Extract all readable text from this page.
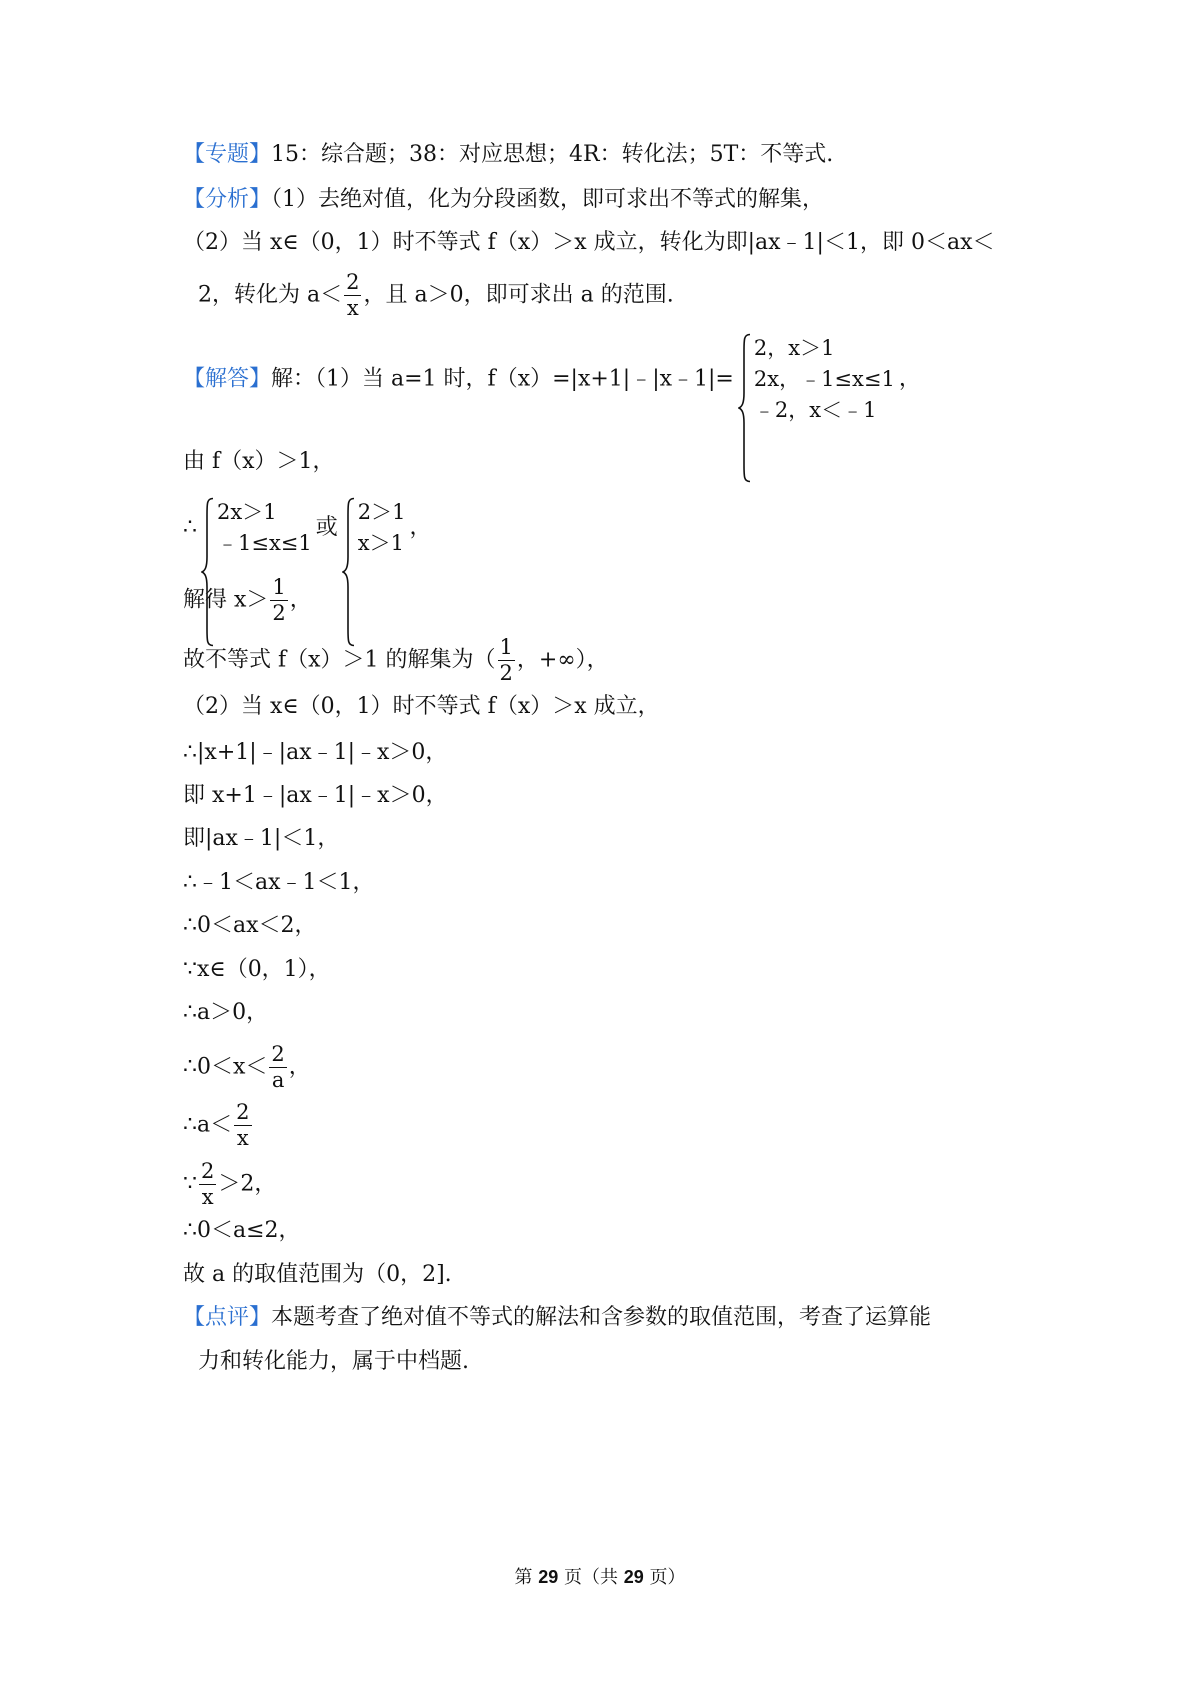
【专题】15：综合题；38：对应思想；4R：转化法；5T：不等式.
【分析】（1）去绝对值，化为分段函数，即可求出不等式的解集，
（2）当 x∈（0，1）时不等式 f（x）＞x 成立，转化为即|ax﹣1|＜1，即 0＜ax＜
2，转化为 $a< \frac{2}{x}$ ，且 a＞0，即可求出 a 的范围.
【解答】解：（1）当 a=1 时，f（x）=|x+1|﹣|x﹣1|=
2，x＞1
2x，﹣1≤x≤1
﹣2，x＜﹣1
，
由 f（x）＞1，
∴
2x＞1
﹣1≤x≤1
或
2＞1
x＞1
，
解得 $x> \frac{1}{2}$ ，
故不等式 f（x）＞1 的解集为（ $\frac{1}{2}$ ，+∞），
（2）当 x∈（0，1）时不等式 f（x）＞x 成立，
∴|x+1|﹣|ax﹣1|﹣x＞0，
即 x+1﹣|ax﹣1|﹣x＞0，
即|ax﹣1|＜1，
∴﹣1＜ax﹣1＜1，
∴0＜ax＜2，
∵x∈（0，1），
∴a＞0，
∴0＜x＜ $\frac{2}{a}$ ，
∴a＜ $\frac{2}{x}$
∵ $\frac{2}{x} >2$，
∴0＜a≤2，
故 a 的取值范围为（0，2].
【点评】本题考查了绝对值不等式的解法和含参数的取值范围，考查了运算能
力和转化能力，属于中档题.
第 29 页（共 29 页）
